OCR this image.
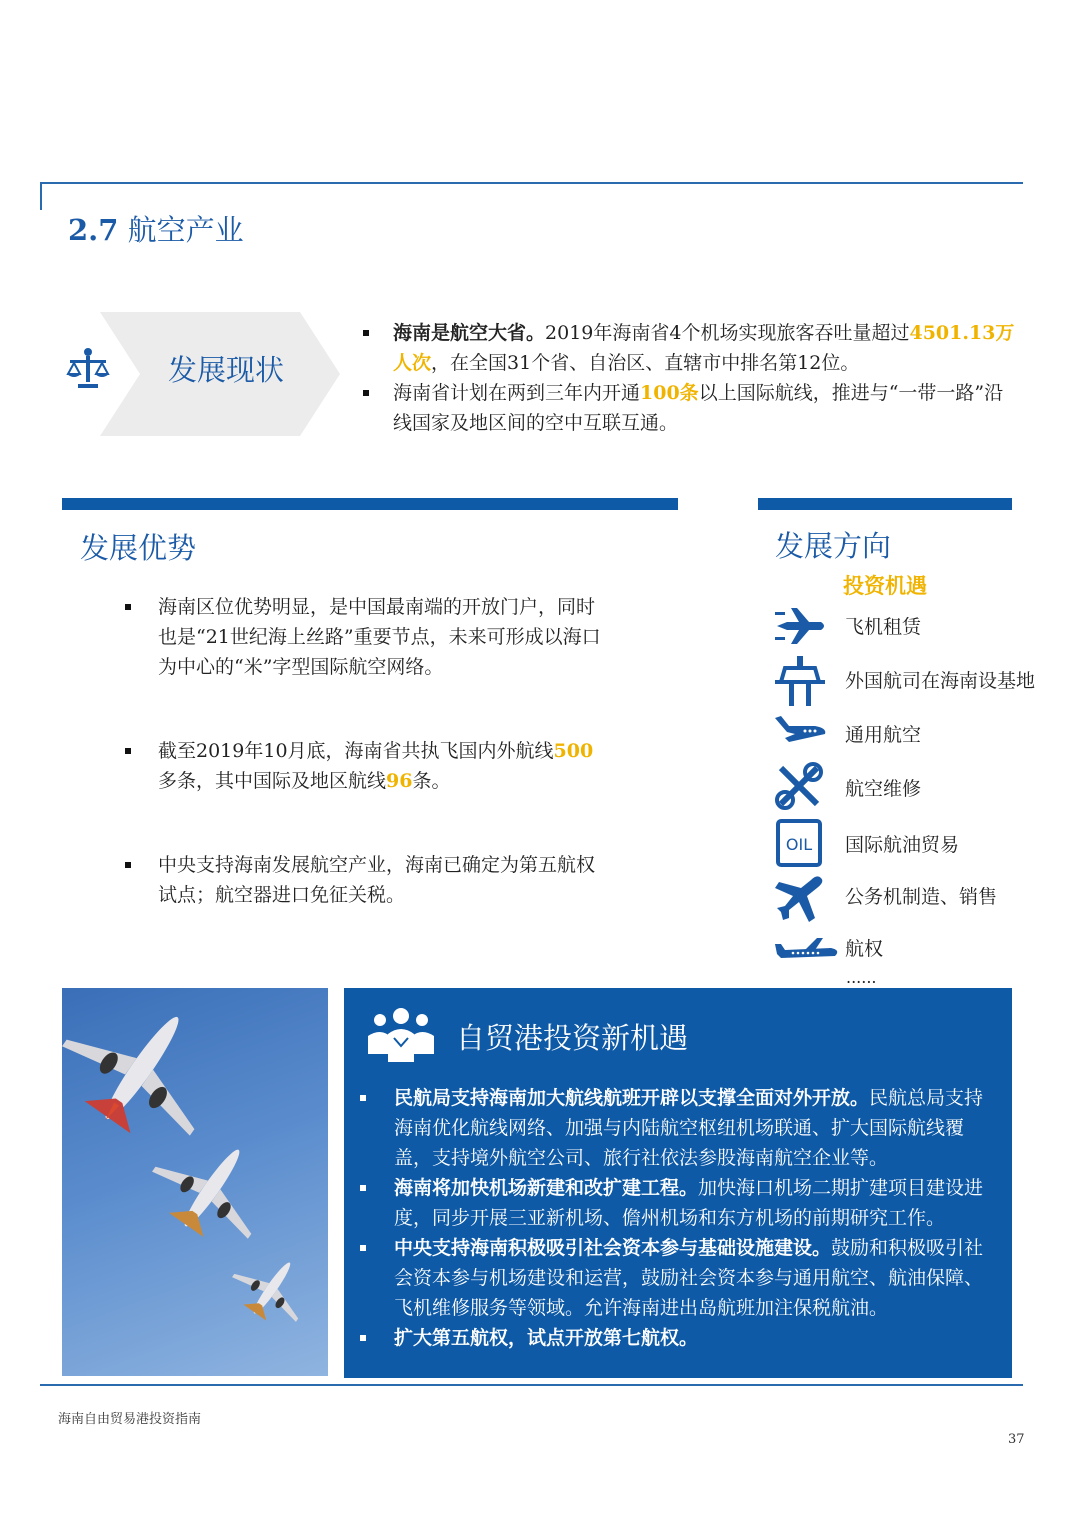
2.7 航空产业
发展现状
海南是航空大省。2019年海南省4个机场实现旅客吞吐量超过4501.13万人次，在全国31个省、自治区、直辖市中排名第12位。
海南省计划在两到三年内开通100条以上国际航线，推进与“一带一路”沿线国家及地区间的空中互联互通。
发展优势
海南区位优势明显，是中国最南端的开放门户，同时也是“21世纪海上丝路”重要节点，未来可形成以海口为中心的“米”字型国际航空网络。
截至2019年10月底，海南省共执飞国内外航线500多条，其中国际及地区航线96条。
中央支持海南发展航空产业，海南已确定为第五航权试点；航空器进口免征关税。
发展方向
投资机遇
飞机租赁
外国航司在海南设基地
通用航空
航空维修
OIL 国际航油贸易
公务机制造、销售
航权
......
自贸港投资新机遇

民航局支持海南加大航线航班开辟以支撑全面对外开放。民航总局支持海南优化航线网络、加强与内陆航空枢纽机场联通、扩大国际航线覆盖，支持境外航空公司、旅行社依法参股海南航空企业等。

海南将加快机场新建和改扩建工程。加快海口机场二期扩建项目建设进度，同步开展三亚新机场、儋州机场和东方机场的前期研究工作。

中央支持海南积极吸引社会资本参与基础设施建设。鼓励和积极吸引社会资本参与机场建设和运营，鼓励社会资本参与通用航空、航油保障、飞机维修服务等领域。允许海南进出岛航班加注保税航油。

扩大第五航权，试点开放第七航权。

海南自由贸易港投资指南
37
